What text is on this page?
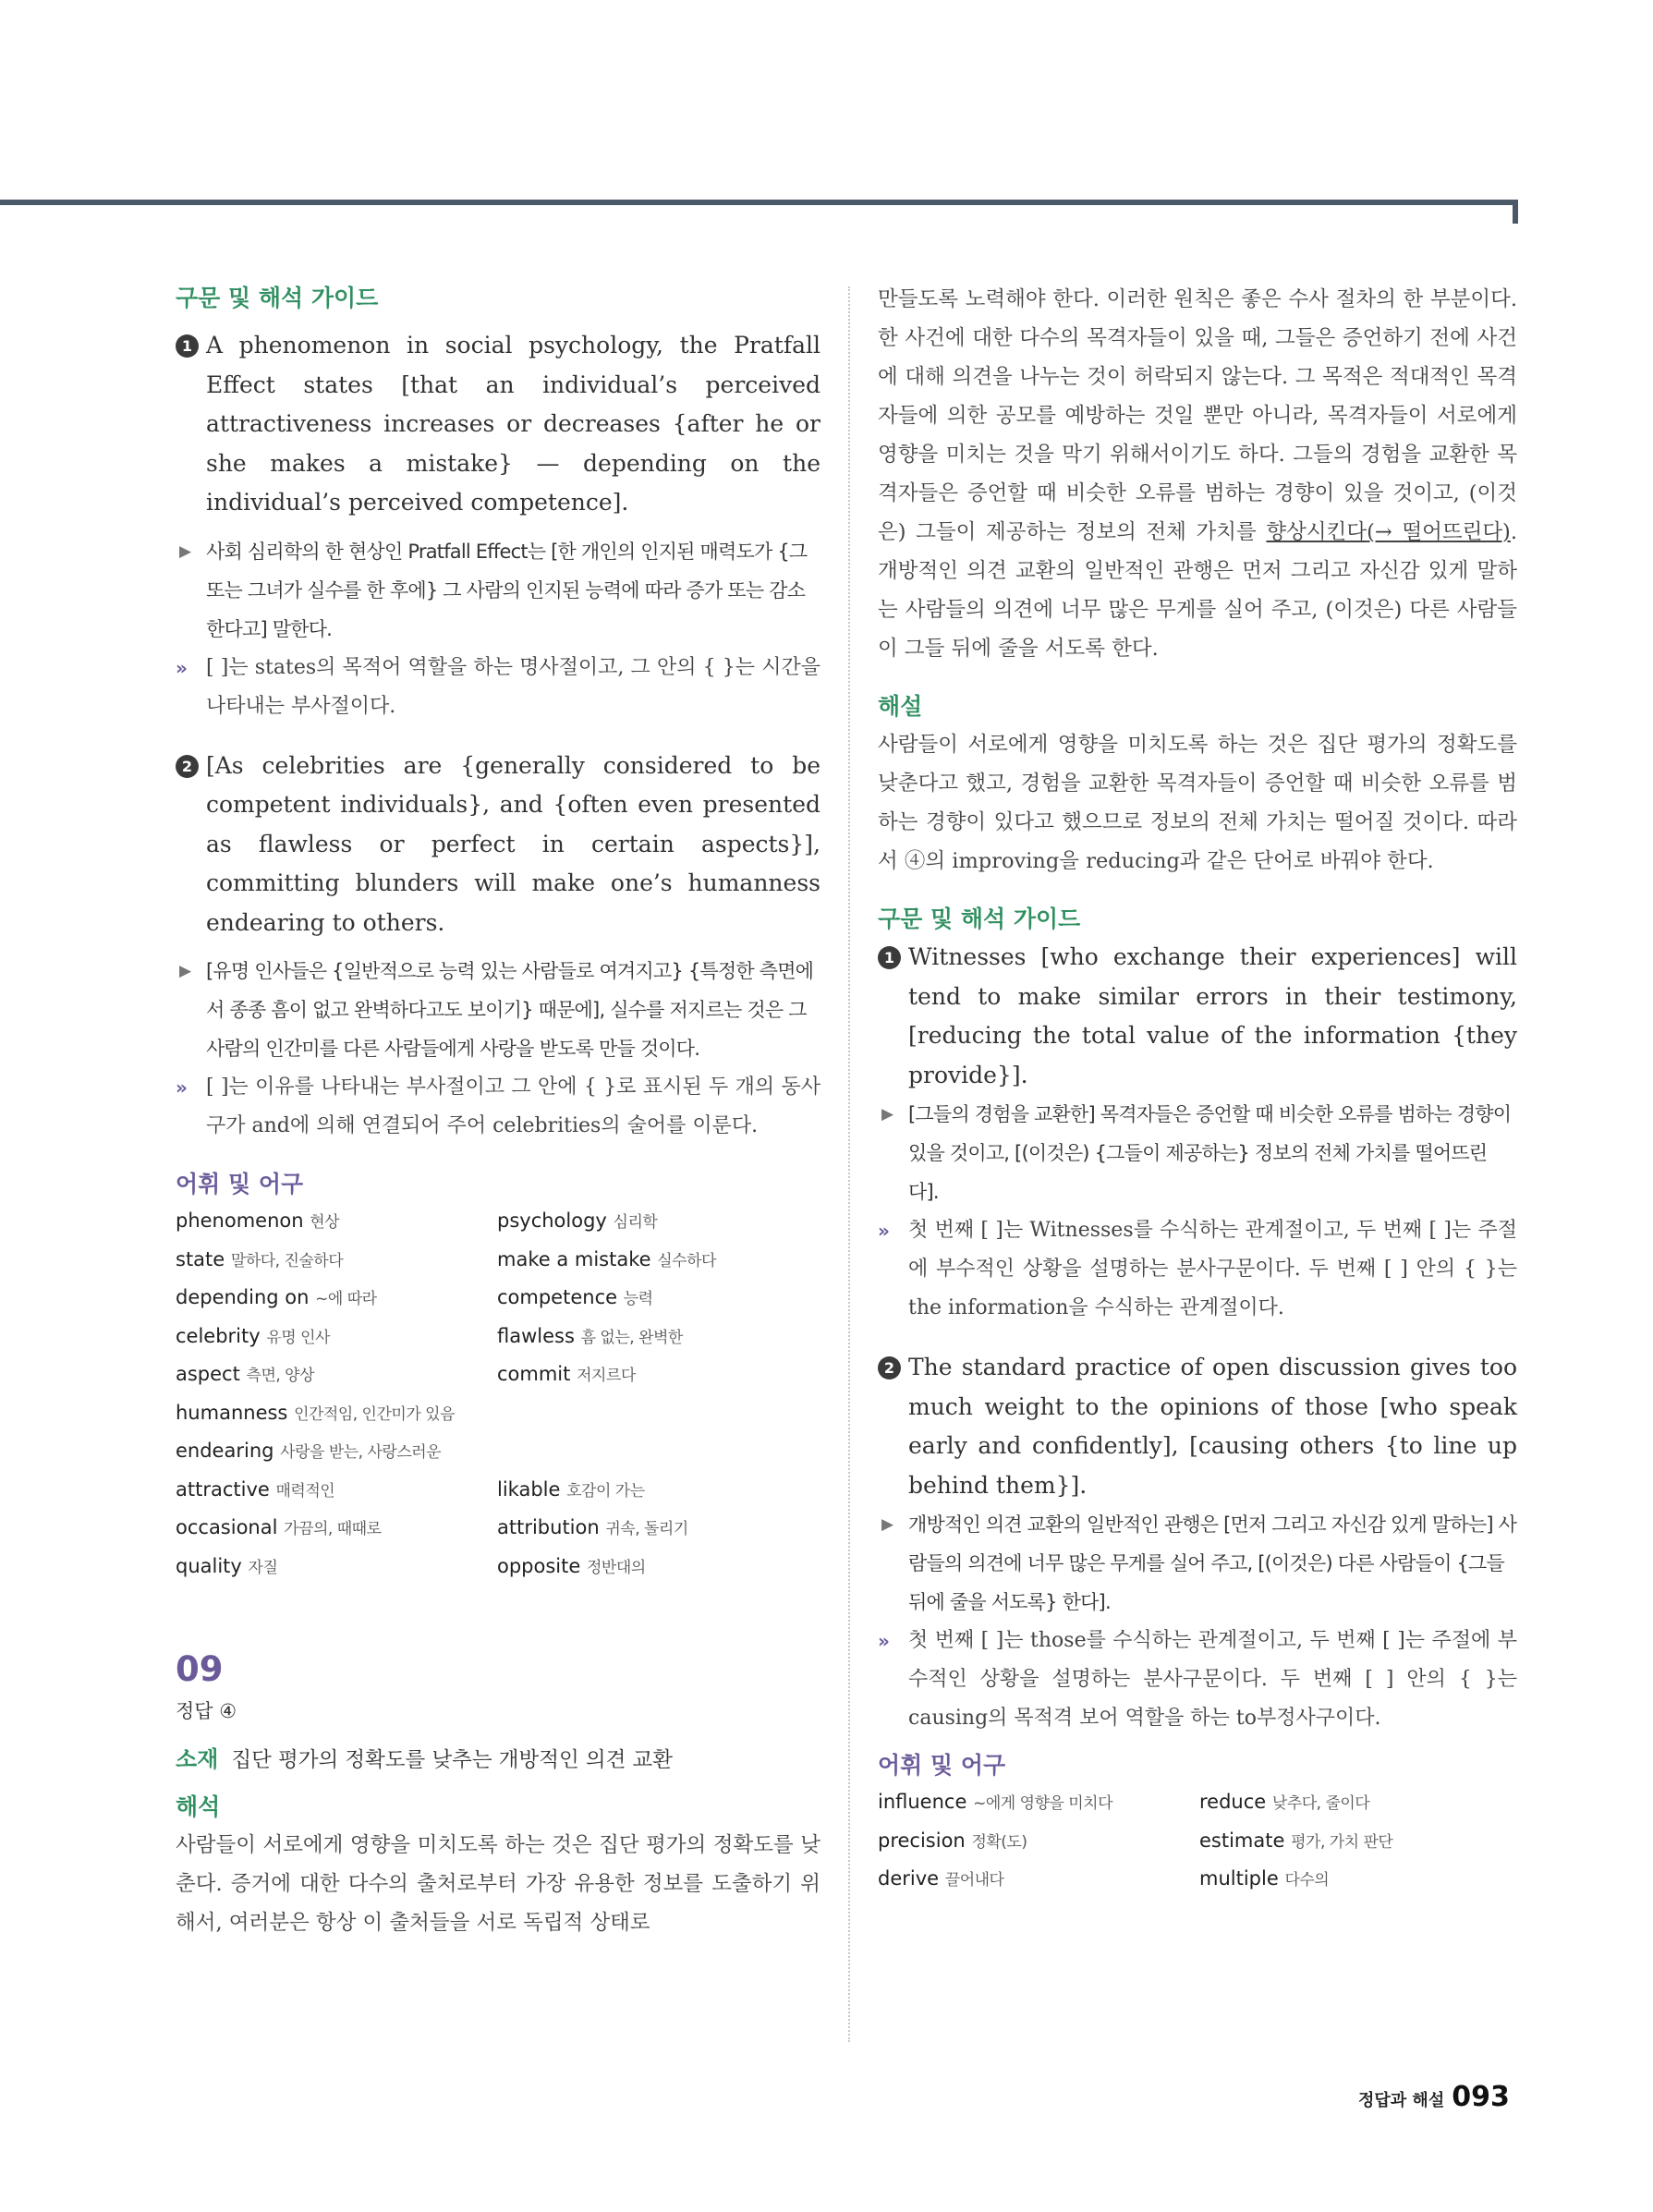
구문 및 해석 가이드

1 A phenomenon in social psychology, the Pratfall Effect states [that an individual’s perceived attractiveness increases or decreases {after he or she makes a mistake} — depending on the individual’s perceived competence].

▶ 사회 심리학의 한 현상인 Pratfall Effect는 [한 개인의 인지된 매력도가 {그 또는 그녀가 실수를 한 후에} 그 사람의 인지된 능력에 따라 증가 또는 감소한다고] 말한다.

» [ ]는 states의 목적어 역할을 하는 명사절이고, 그 안의 { }는 시간을 나타내는 부사절이다.

2 [As celebrities are {generally considered to be competent individuals}, and {often even presented as flawless or perfect in certain aspects}], committing blunders will make one’s humanness endearing to others.

▶ [유명 인사들은 {일반적으로 능력 있는 사람들로 여겨지고} {특정한 측면에서 종종 흠이 없고 완벽하다고도 보이기} 때문에], 실수를 저지르는 것은 그 사람의 인간미를 다른 사람들에게 사랑을 받도록 만들 것이다.

» [ ]는 이유를 나타내는 부사절이고 그 안에 { }로 표시된 두 개의 동사구가 and에 의해 연결되어 주어 celebrities의 술어를 이룬다.

어휘 및 어구
phenomenon 현상	psychology 심리학
state 말하다, 진술하다	make a mistake 실수하다
depending on ~에 따라	competence 능력
celebrity 유명 인사	flawless 흠 없는, 완벽한
aspect 측면, 양상	commit 저지르다
humanness 인간적임, 인간미가 있음
endearing 사랑을 받는, 사랑스러운
attractive 매력적인	likable 호감이 가는
occasional 가끔의, 때때로	attribution 귀속, 돌리기
quality 자질	opposite 정반대의
09

정답 ④

소재 집단 평가의 정확도를 낮추는 개방적인 의견 교환

해석

사람들이 서로에게 영향을 미치도록 하는 것은 집단 평가의 정확도를 낮춘다. 증거에 대한 다수의 출처로부터 가장 유용한 정보를 도출하기 위해서, 여러분은 항상 이 출처들을 서로 독립적 상태로

만들도록 노력해야 한다. 이러한 원칙은 좋은 수사 절차의 한 부분이다. 한 사건에 대한 다수의 목격자들이 있을 때, 그들은 증언하기 전에 사건에 대해 의견을 나누는 것이 허락되지 않는다. 그 목적은 적대적인 목격자들에 의한 공모를 예방하는 것일 뿐만 아니라, 목격자들이 서로에게 영향을 미치는 것을 막기 위해서이기도 하다. 그들의 경험을 교환한 목격자들은 증언할 때 비슷한 오류를 범하는 경향이 있을 것이고, (이것은) 그들이 제공하는 정보의 전체 가치를 향상시킨다(→ 떨어뜨린다). 개방적인 의견 교환의 일반적인 관행은 먼저 그리고 자신감 있게 말하는 사람들의 의견에 너무 많은 무게를 실어 주고, (이것은) 다른 사람들이 그들 뒤에 줄을 서도록 한다.

해설

사람들이 서로에게 영향을 미치도록 하는 것은 집단 평가의 정확도를 낮춘다고 했고, 경험을 교환한 목격자들이 증언할 때 비슷한 오류를 범하는 경향이 있다고 했으므로 정보의 전체 가치는 떨어질 것이다. 따라서 ④의 improving을 reducing과 같은 단어로 바꿔야 한다.

구문 및 해석 가이드

1 Witnesses [who exchange their experiences] will tend to make similar errors in their testimony, [reducing the total value of the information {they provide}].

▶ [그들의 경험을 교환한] 목격자들은 증언할 때 비슷한 오류를 범하는 경향이 있을 것이고, [(이것은) {그들이 제공하는} 정보의 전체 가치를 떨어뜨린다].

» 첫 번째 [ ]는 Witnesses를 수식하는 관계절이고, 두 번째 [ ]는 주절에 부수적인 상황을 설명하는 분사구문이다. 두 번째 [ ] 안의 { }는 the information을 수식하는 관계절이다.

2 The standard practice of open discussion gives too much weight to the opinions of those [who speak early and confidently], [causing others {to line up behind them}].

▶ 개방적인 의견 교환의 일반적인 관행은 [먼저 그리고 자신감 있게 말하는] 사람들의 의견에 너무 많은 무게를 실어 주고, [(이것은) 다른 사람들이 {그들 뒤에 줄을 서도록} 한다].

» 첫 번째 [ ]는 those를 수식하는 관계절이고, 두 번째 [ ]는 주절에 부수적인 상황을 설명하는 분사구문이다. 두 번째 [ ] 안의 { }는 causing의 목적격 보어 역할을 하는 to부정사구이다.

어휘 및 어구
influence ~에게 영향을 미치다	reduce 낮추다, 줄이다
precision 정확(도)	estimate 평가, 가치 판단
derive 끌어내다	multiple 다수의
정답과 해설 093
